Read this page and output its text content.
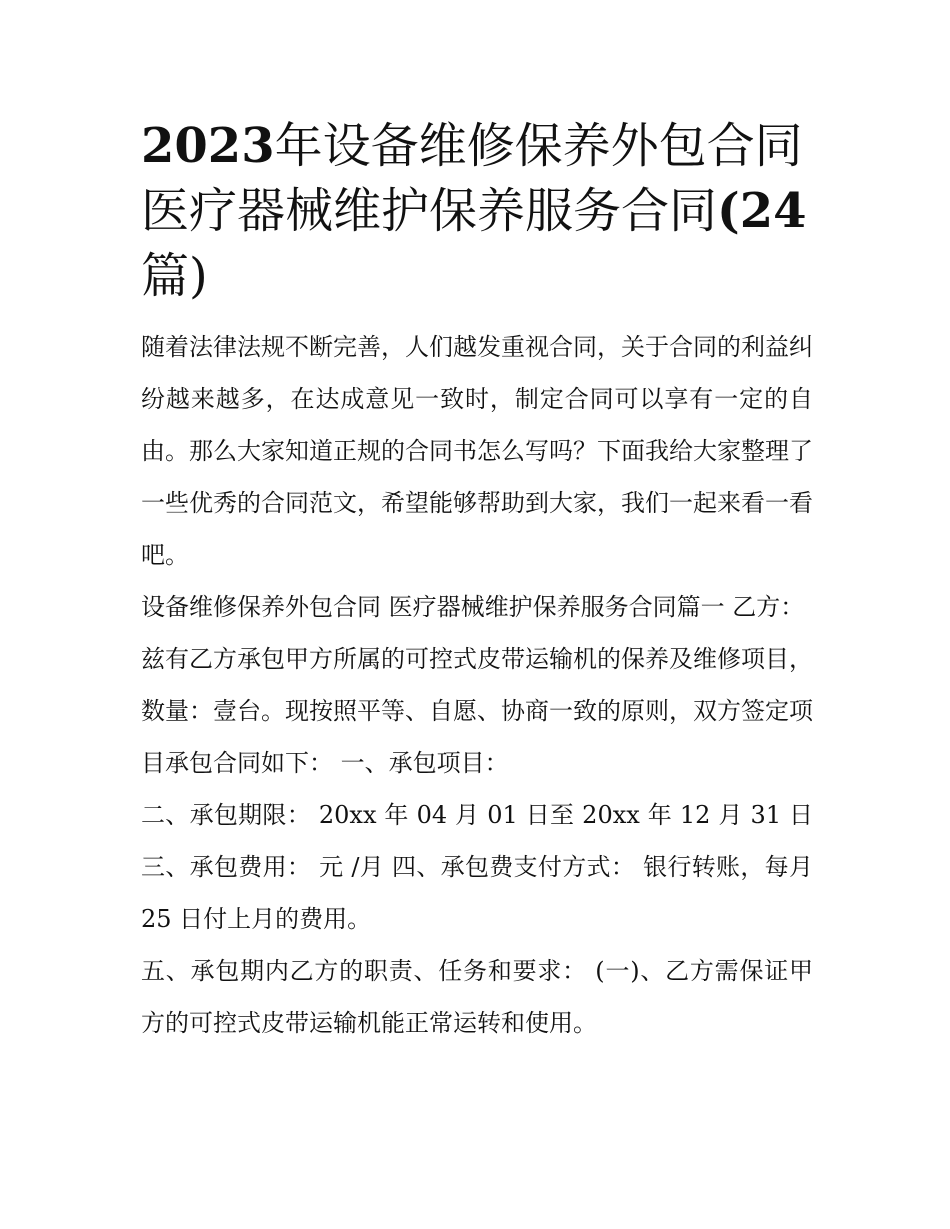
2023年设备维修保养外包合同
医疗器械维护保养服务合同(24
篇)

随着法律法规不断完善，人们越发重视合同，关于合同的利益纠纷越来越多，在达成意见一致时，制定合同可以享有一定的自由。那么大家知道正规的合同书怎么写吗？下面我给大家整理了一些优秀的合同范文，希望能够帮助到大家，我们一起来看一看吧。

设备维修保养外包合同 医疗器械维护保养服务合同篇一 乙方：

兹有乙方承包甲方所属的可控式皮带运输机的保养及维修项目，数量：壹台。现按照平等、自愿、协商一致的原则，双方签定项目承包合同如下： 一、承包项目：

二、承包期限： 20xx 年 04 月 01 日至 20xx 年 12 月 31 日 三、承包费用： 元 /月 四、承包费支付方式： 银行转账，每月 25 日付上月的费用。

五、承包期内乙方的职责、任务和要求： (一)、乙方需保证甲方的可控式皮带运输机能正常运转和使用。
